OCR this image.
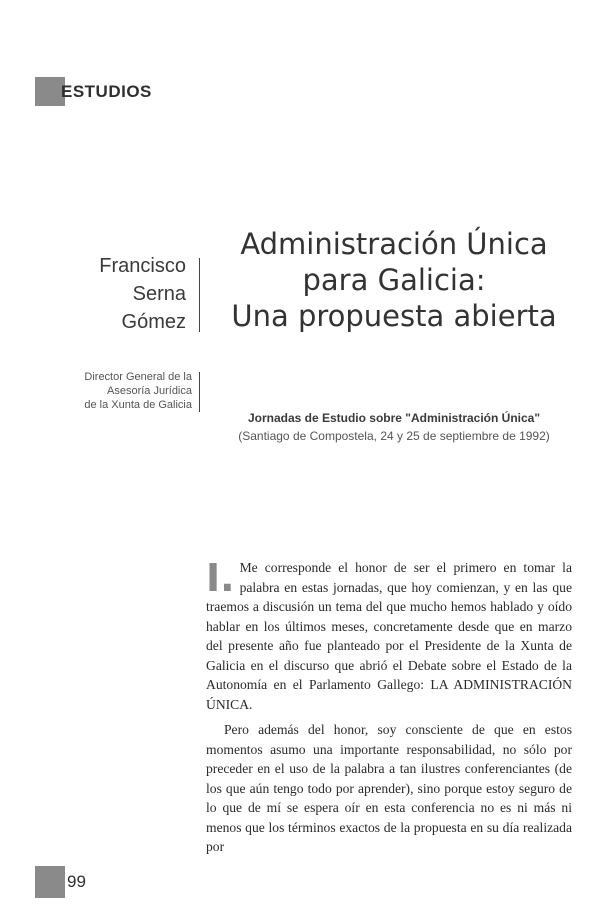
ESTUDIOS
Francisco
Serna
Gómez
Director General de la
Asesoría Jurídica
de la Xunta de Galicia
Administración Única
para Galicia:
Una propuesta abierta
Jornadas de Estudio sobre "Administración Única"
(Santiago de Compostela, 24 y 25 de septiembre de 1992)

I. Me corresponde el honor de ser el primero en tomar la palabra en estas jornadas, que hoy comienzan, y en las que traemos a discusión un tema del que mucho hemos hablado y oído hablar en los últimos meses, concretamente desde que en marzo del presente año fue planteado por el Presidente de la Xunta de Galicia en el discurso que abrió el Debate sobre el Estado de la Autonomía en el Parlamento Gallego: LA ADMINISTRACIÓN ÚNICA.

Pero además del honor, soy consciente de que en estos momentos asumo una importante responsabilidad, no sólo por preceder en el uso de la palabra a tan ilustres conferenciantes (de los que aún tengo todo por aprender), sino porque estoy seguro de lo que de mí se espera oír en esta conferencia no es ni más ni menos que los términos exactos de la propuesta en su día realizada por

99
